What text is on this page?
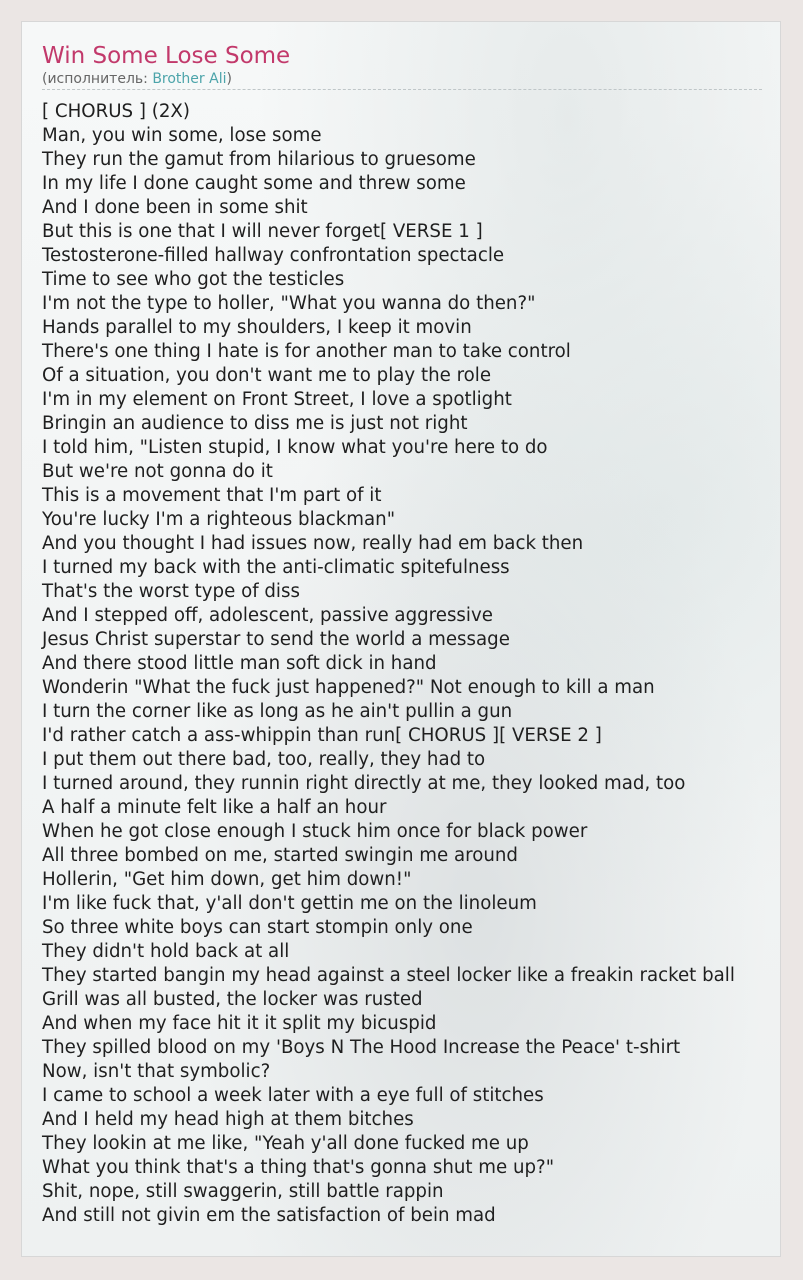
Win Some Lose Some
(исполнитель: Brother Ali)
[ CHORUS ] (2X)
Man, you win some, lose some
They run the gamut from hilarious to gruesome
In my life I done caught some and threw some
And I done been in some shit
But this is one that I will never forget[ VERSE 1 ]
Testosterone-filled hallway confrontation spectacle
Time to see who got the testicles
I'm not the type to holler, "What you wanna do then?"
Hands parallel to my shoulders, I keep it movin
There's one thing I hate is for another man to take control
Of a situation, you don't want me to play the role
I'm in my element on Front Street, I love a spotlight
Bringin an audience to diss me is just not right
I told him, "Listen stupid, I know what you're here to do
But we're not gonna do it
This is a movement that I'm part of it
You're lucky I'm a righteous blackman"
And you thought I had issues now, really had em back then
I turned my back with the anti-climatic spitefulness
That's the worst type of diss
And I stepped off, adolescent, passive aggressive
Jesus Christ superstar to send the world a message
And there stood little man soft dick in hand
Wonderin "What the fuck just happened?" Not enough to kill a man
I turn the corner like as long as he ain't pullin a gun
I'd rather catch a ass-whippin than run[ CHORUS ][ VERSE 2 ]
I put them out there bad, too, really, they had to
I turned around, they runnin right directly at me, they looked mad, too
A half a minute felt like a half an hour
When he got close enough I stuck him once for black power
All three bombed on me, started swingin me around
Hollerin, "Get him down, get him down!"
I'm like fuck that, y'all don't gettin me on the linoleum
So three white boys can start stompin only one
They didn't hold back at all
They started bangin my head against a steel locker like a freakin racket ball
Grill was all busted, the locker was rusted
And when my face hit it it split my bicuspid
They spilled blood on my 'Boys N The Hood Increase the Peace' t-shirt
Now, isn't that symbolic?
I came to school a week later with a eye full of stitches
And I held my head high at them bitches
They lookin at me like, "Yeah y'all done fucked me up
What you think that's a thing that's gonna shut me up?"
Shit, nope, still swaggerin, still battle rappin
And still not givin em the satisfaction of bein mad
